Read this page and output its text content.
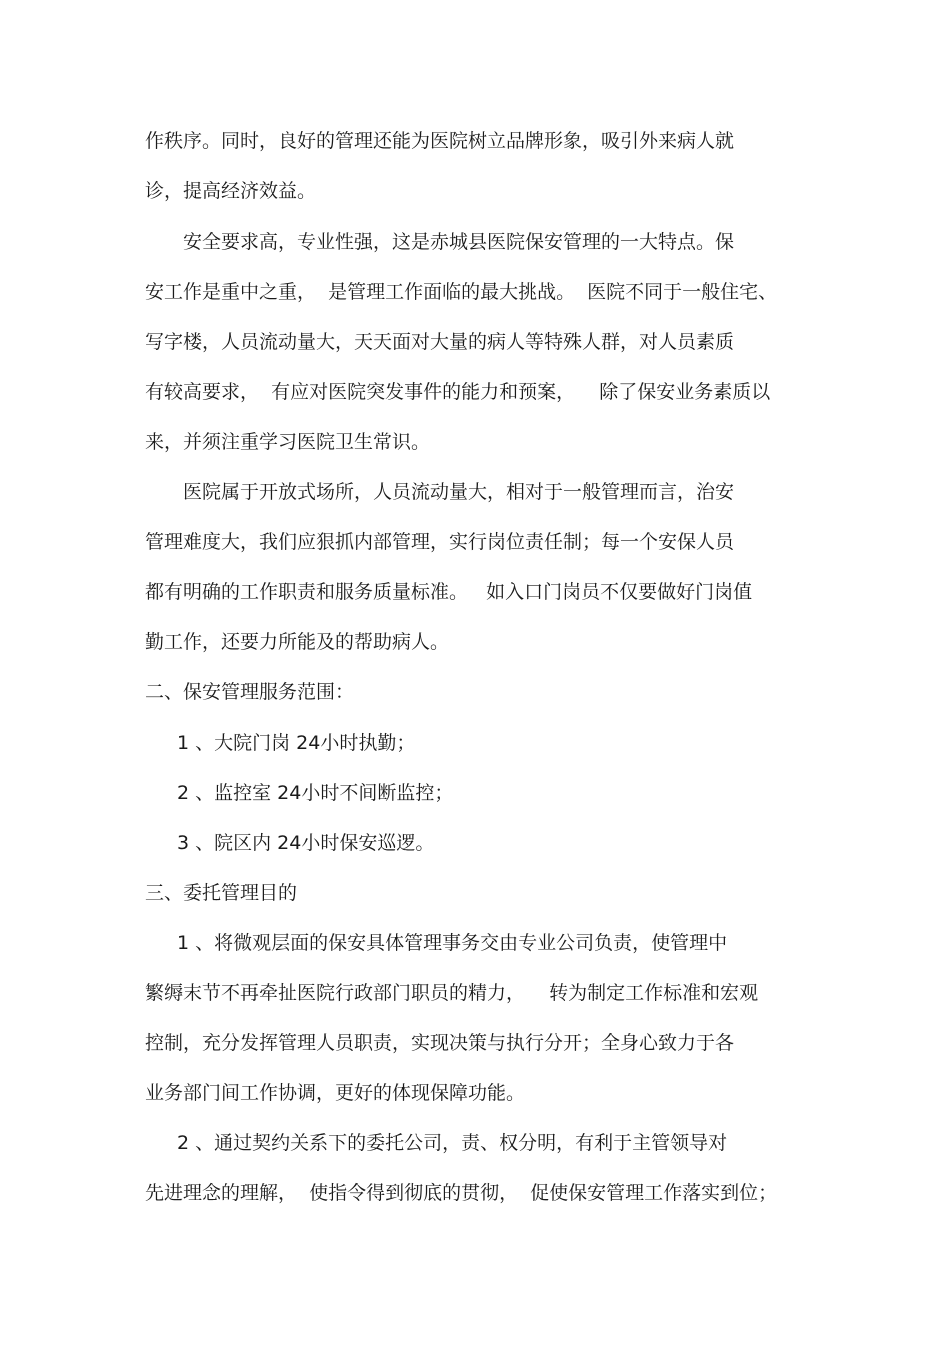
作秩序。同时，良好的管理还能为医院树立品牌形象，吸引外来病人就
诊，提高经济效益。
安全要求高，专业性强，这是赤城县医院保安管理的一大特点。保
安工作是重中之重，  是管理工作面临的最大挑战。  医院不同于一般住宅、
写字楼，人员流动量大，天天面对大量的病人等特殊人群，对人员素质
有较高要求，  有应对医院突发事件的能力和预案，    除了保安业务素质以
来，并须注重学习医院卫生常识。
医院属于开放式场所，人员流动量大，相对于一般管理而言，治安
管理难度大，我们应狠抓内部管理，实行岗位责任制；每一个安保人员
都有明确的工作职责和服务质量标准。   如入口门岗员不仅要做好门岗值
勤工作，还要力所能及的帮助病人。
二、保安管理服务范围：
1 、大院门岗 24小时执勤；
2 、监控室 24小时不间断监控；
3 、院区内 24小时保安巡逻。
三、委托管理目的
1 、将微观层面的保安具体管理事务交由专业公司负责，使管理中
繁缛末节不再牵扯医院行政部门职员的精力，    转为制定工作标准和宏观
控制，充分发挥管理人员职责，实现决策与执行分开；全身心致力于各
业务部门间工作协调，更好的体现保障功能。
2 、通过契约关系下的委托公司，责、权分明，有利于主管领导对
先进理念的理解，  使指令得到彻底的贯彻，  促使保安管理工作落实到位；
